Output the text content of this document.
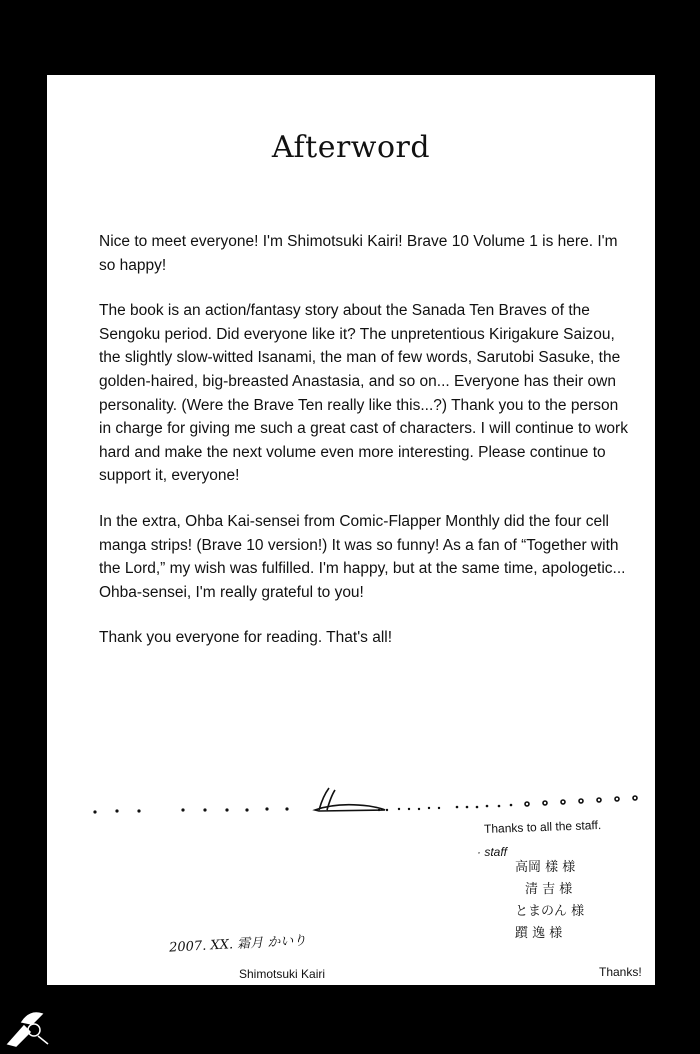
Afterword

Nice to meet everyone! I'm Shimotsuki Kairi! Brave 10 Volume 1 is here. I'm so happy!

The book is an action/fantasy story about the Sanada Ten Braves of the Sengoku period. Did everyone like it? The unpretentious Kirigakure Saizou, the slightly slow-witted Isanami, the man of few words, Sarutobi Sasuke, the golden-haired, big-breasted Anastasia, and so on... Everyone has their own personality. (Were the Brave Ten really like this...?) Thank you to the person in charge for giving me such a great cast of characters. I will continue to work hard and make the next volume even more interesting. Please continue to support it, everyone!

In the extra, Ohba Kai-sensei from Comic-Flapper Monthly did the four cell manga strips! (Brave 10 version!) It was so funny! As a fan of “Together with the Lord,” my wish was fulfilled. I'm happy, but at the same time, apologetic... Ohba-sensei, I'm really grateful to you!

Thank you everyone for reading. That's all!

Thanks to all the staff.
· staff
高岡 樣 様
清 吉 様
とまのん 様
躓 逸 様
2007. XX. 霜月 かいり
Shimotsuki Kairi	Thanks!
